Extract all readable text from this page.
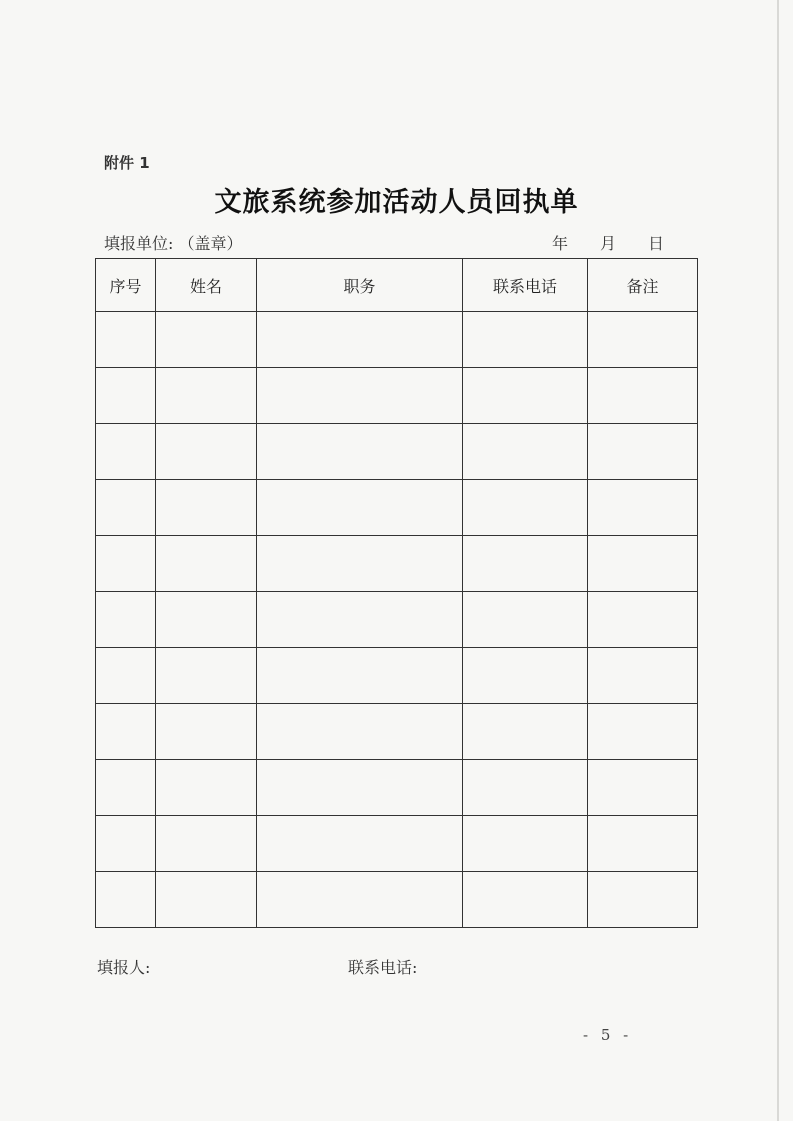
附件 1
文旅系统参加活动人员回执单
填报单位: （盖章）	年 月 日
序号	姓名	职务	联系电话	备注

填报人:	联系电话:
- 5 -
